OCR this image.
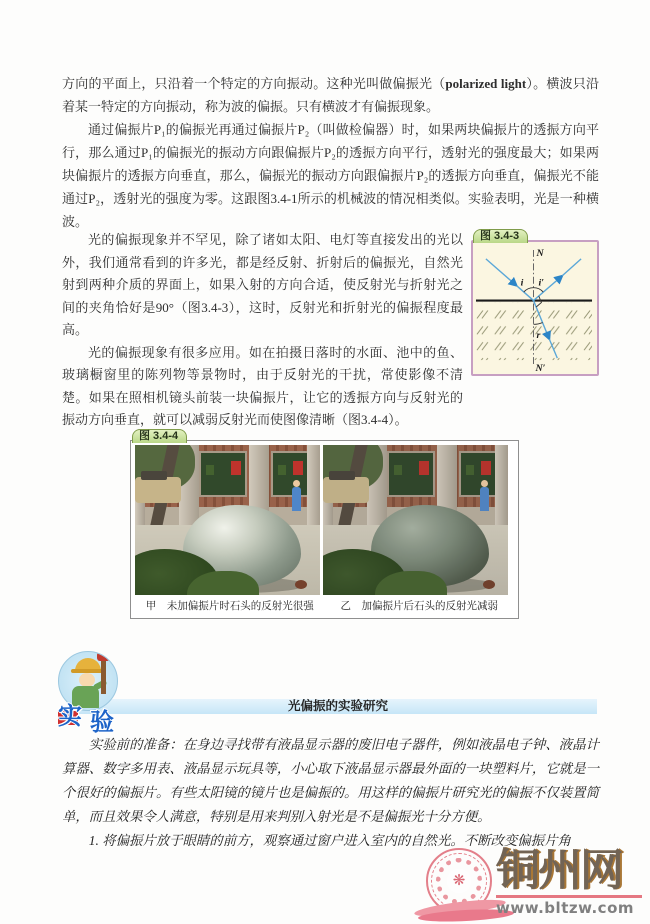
方向的平面上，只沿着一个特定的方向振动。这种光叫做偏振光（polarized light）。横波只沿着某一特定的方向振动，称为波的偏振。只有横波才有偏振现象。

通过偏振片P₁的偏振光再通过偏振片P₂（叫做检偏器）时，如果两块偏振片的透振方向平行，那么通过P₁的偏振光的振动方向跟偏振片P₂的透振方向平行，透射光的强度最大；如果两块偏振片的透振方向垂直，那么，偏振光的振动方向跟偏振片P₂的透振方向垂直，偏振光不能通过P₂，透射光的强度为零。这跟图3.4-1所示的机械波的情况相类似。实验表明，光是一种横波。

光的偏振现象并不罕见，除了诸如太阳、电灯等直接发出的光以外，我们通常看到的许多光，都是经反射、折射后的偏振光，自然光射到两种介质的界面上，如果入射的方向合适，使反射光与折射光之间的夹角恰好是90°（图3.4-3），这时，反射光和折射光的偏振程度最高。

光的偏振现象有很多应用。如在拍摄日落时的水面、池中的鱼、玻璃橱窗里的陈列物等景物时，由于反射光的干扰，常使影像不清楚。如果在照相机镜头前装一块偏振片，让它的透振方向与反射光的振动方向垂直，就可以减弱反射光而使图像清晰（图3.4-4）。

图 3.4-3
N
i i′
r
N′
图 3.4-4
甲　未加偏振片时石头的反射光很强	乙　加偏振片后石头的反射光减弱
实 验
光偏振的实验研究

实验前的准备：在身边寻找带有液晶显示器的废旧电子器件，例如液晶电子钟、液晶计算器、数字多用表、液晶显示玩具等，小心取下液晶显示器最外面的一块塑料片，它就是一个很好的偏振片。有些太阳镜的镜片也是偏振的。用这样的偏振片研究光的偏振不仅装置简单，而且效果令人满意，特别是用来判别入射光是不是偏振光十分方便。

1. 将偏振片放于眼睛的前方，观察通过窗户进入室内的自然光。不断改变偏振片角

❋ 铜州网
www.bltzw.com
